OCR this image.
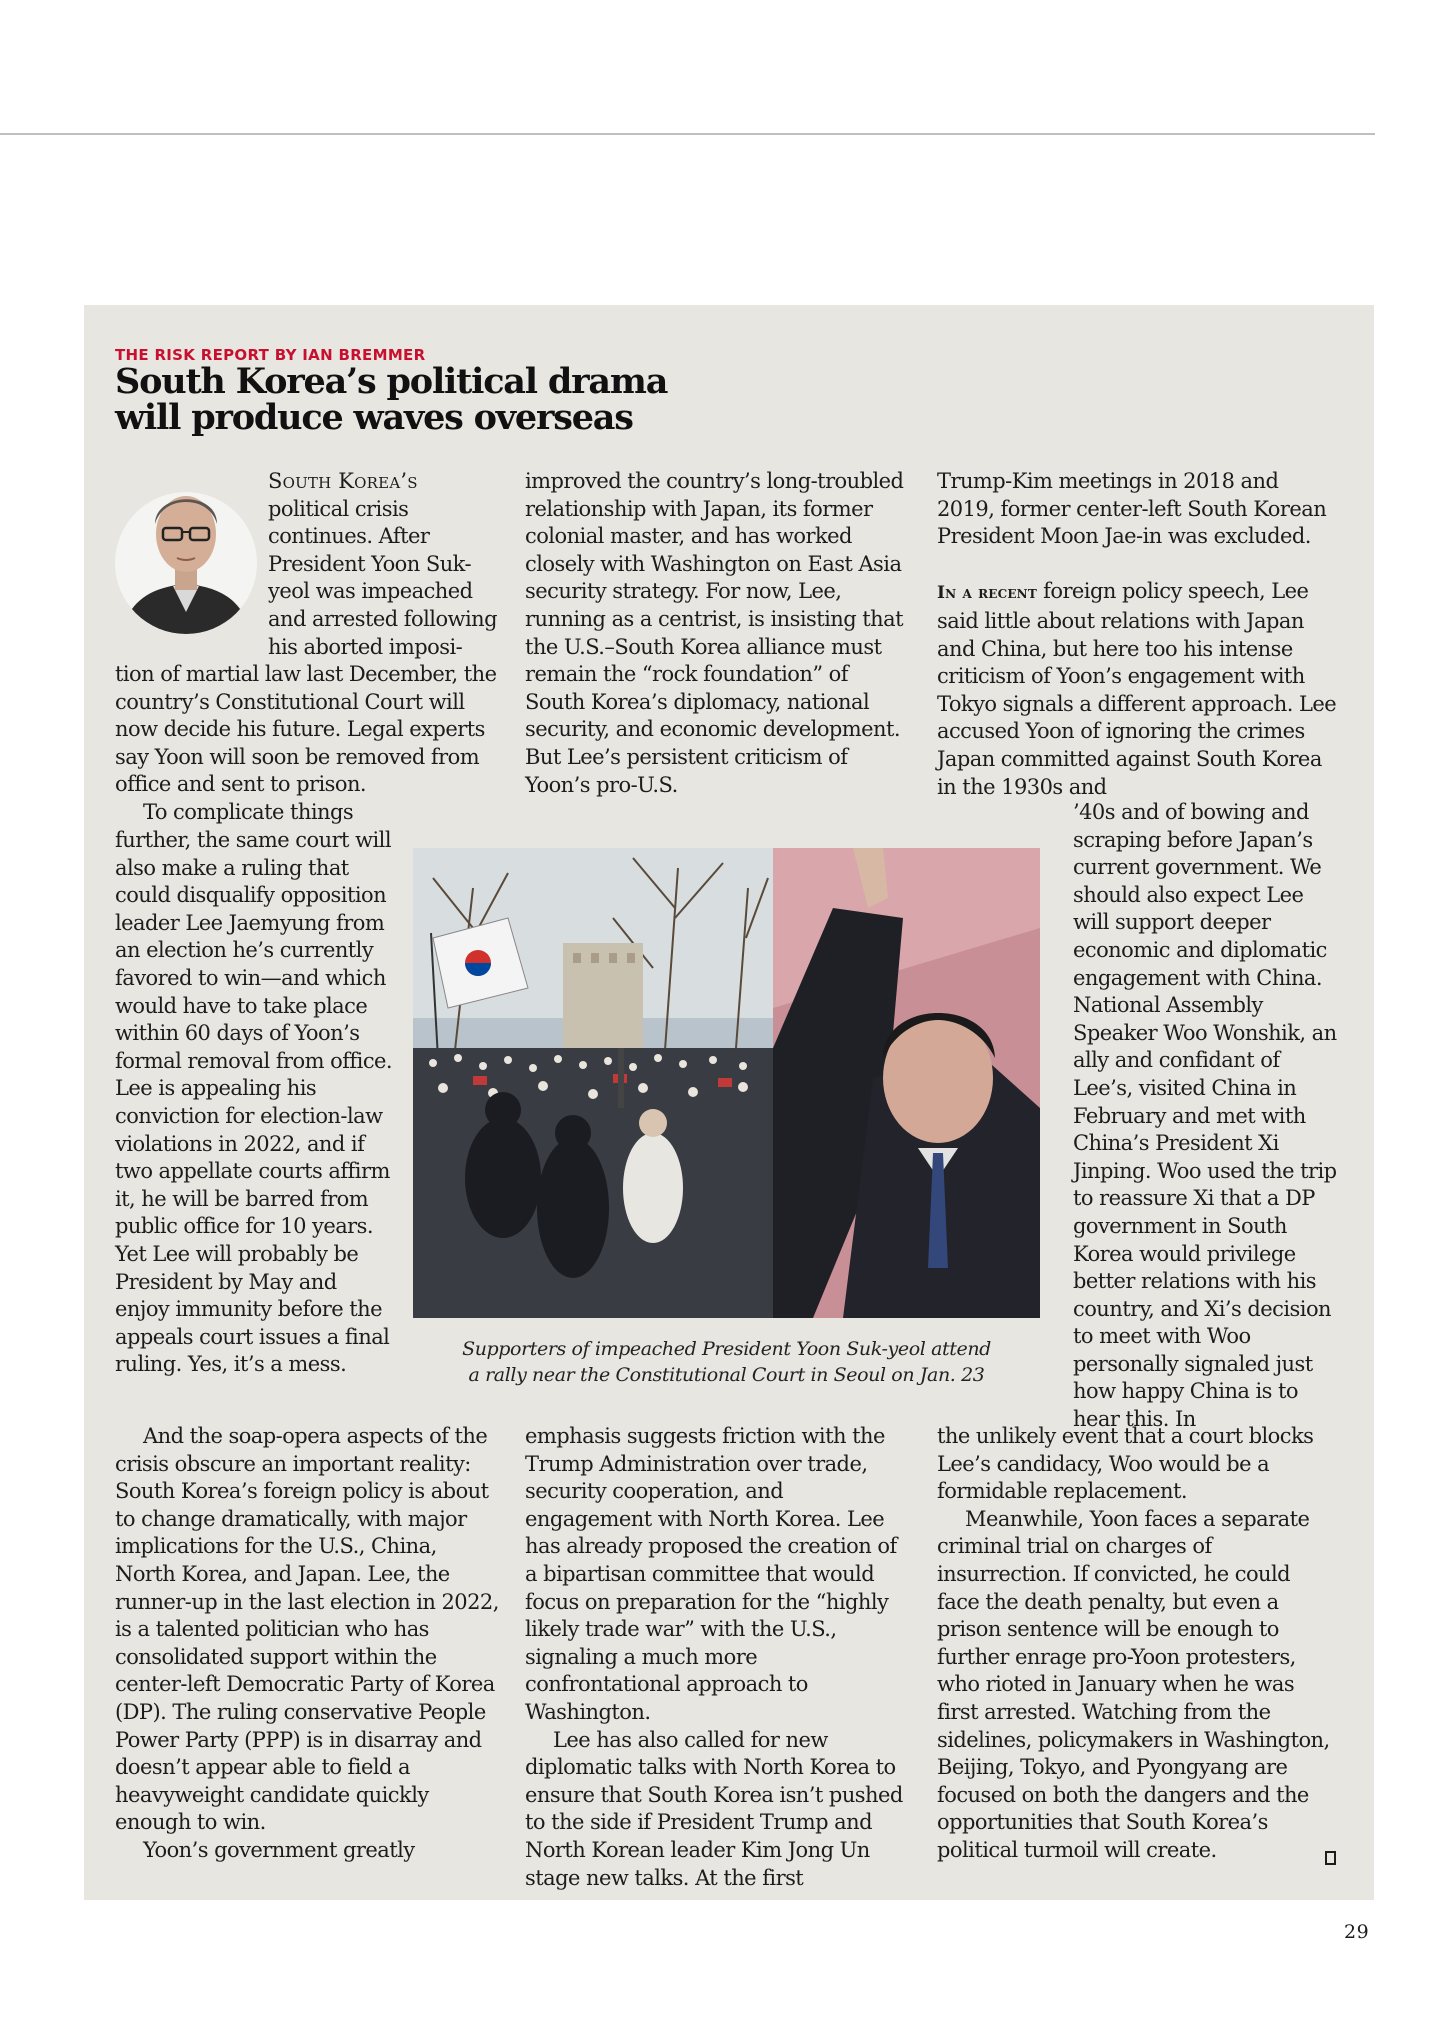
THE RISK REPORT BY IAN BREMMER
South Korea’s political drama
will produce waves overseas

South Korea’s political crisis continues. After President Yoon Suk-yeol was impeached and arrested following his aborted imposi-

tion of martial law last December, the country’s Constitutional Court will now decide his future. Legal experts say Yoon will soon be removed from office and sent to prison.

To complicate things

further, the same court will also make a ruling that could disqualify opposition leader Lee Jaemyung from an election he’s currently favored to win—and which would have to take place within 60 days of Yoon’s formal removal from office. Lee is appealing his conviction for election-law violations in 2022, and if two appellate courts affirm it, he will be barred from public office for 10 years. Yet Lee will probably be President by May and enjoy immunity before the appeals court issues a final ruling. Yes, it’s a mess.

And the soap-opera aspects of the crisis obscure an important reality: South Korea’s foreign policy is about to change dramatically, with major implications for the U.S., China, North Korea, and Japan. Lee, the runner-up in the last election in 2022, is a talented politician who has consolidated support within the center-left Democratic Party of Korea (DP). The ruling conservative People Power Party (PPP) is in disarray and doesn’t appear able to field a heavyweight candidate quickly enough to win.

Yoon’s government greatly

improved the country’s long-troubled relationship with Japan, its former colonial master, and has worked closely with Washington on East Asia security strategy. For now, Lee, running as a centrist, is insisting that the U.S.–South Korea alliance must remain the “rock foundation” of South Korea’s diplomacy, national security, and economic development. But Lee’s persistent criticism of Yoon’s pro-U.S.

emphasis suggests friction with the Trump Administration over trade, security cooperation, and engagement with North Korea. Lee has already proposed the creation of a bipartisan committee that would focus on preparation for the “highly likely trade war” with the U.S., signaling a much more confrontational approach to Washington.

Lee has also called for new diplomatic talks with North Korea to ensure that South Korea isn’t pushed to the side if President Trump and North Korean leader Kim Jong Un stage new talks. At the first

Trump-Kim meetings in 2018 and 2019, former center-left South Korean President Moon Jae-in was excluded.

In a recent foreign policy speech, Lee said little about relations with Japan and China, but here too his intense criticism of Yoon’s engagement with Tokyo signals a different approach. Lee accused Yoon of ignoring the crimes Japan committed against South Korea in the 1930s and

’40s and of bowing and scraping before Japan’s current government. We should also expect Lee will support deeper economic and diplomatic engagement with China. National Assembly Speaker Woo Wonshik, an ally and confidant of Lee’s, visited China in February and met with China’s President Xi Jinping. Woo used the trip to reassure Xi that a DP government in South Korea would privilege better relations with his country, and Xi’s decision to meet with Woo personally signaled just how happy China is to hear this. In

the unlikely event that a court blocks Lee’s candidacy, Woo would be a formidable replacement.

Meanwhile, Yoon faces a separate criminal trial on charges of insurrection. If convicted, he could face the death penalty, but even a prison sentence will be enough to further enrage pro-Yoon protesters, who rioted in January when he was first arrested. Watching from the sidelines, policymakers in Washington, Beijing, Tokyo, and Pyongyang are focused on both the dangers and the opportunities that South Korea’s political turmoil will create.

Supporters of impeached President Yoon Suk-yeol attend
a rally near the Constitutional Court in Seoul on Jan. 23

29
